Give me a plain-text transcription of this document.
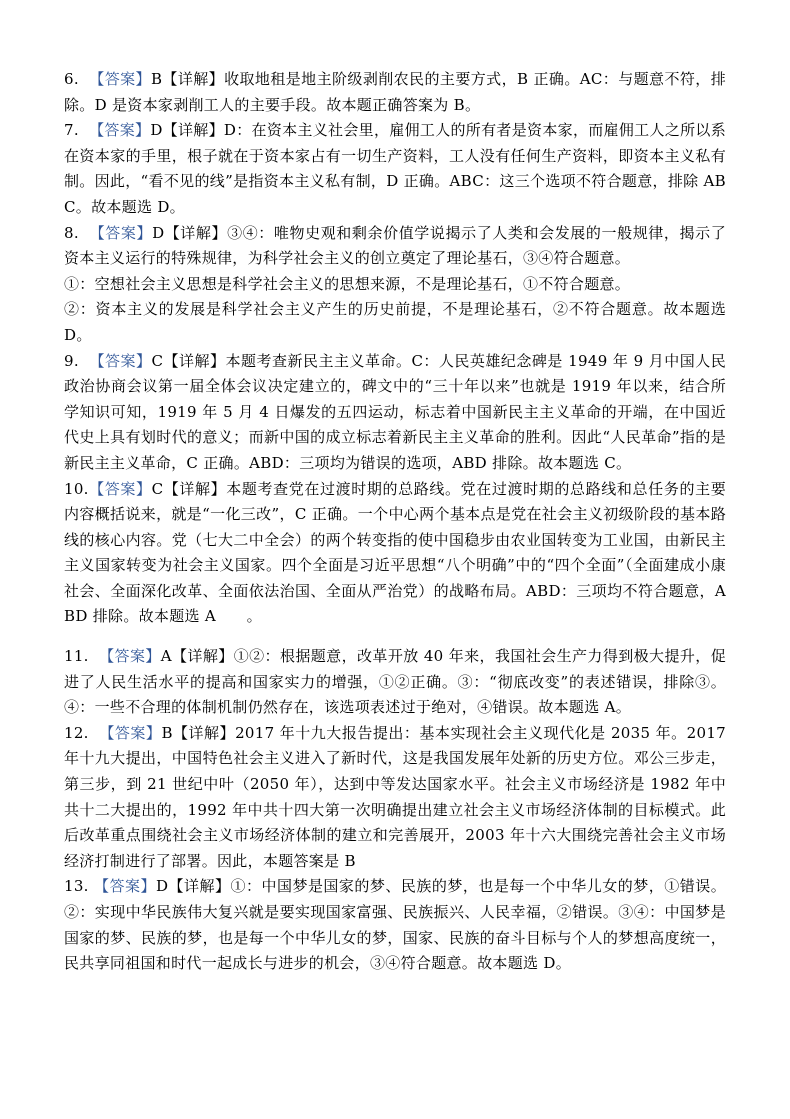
6. 【答案】B【详解】收取地租是地主阶级剥削农民的主要方式，B 正确。AC：与题意不符，排除。D 是资本家剥削工人的主要手段。故本题正确答案为 B。

7. 【答案】D【详解】D：在资本主义社会里，雇佣工人的所有者是资本家，而雇佣工人之所以系在资本家的手里，根子就在于资本家占有一切生产资料，工人没有任何生产资料，即资本主义私有制。因此，“看不见的线”是指资本主义私有制，D 正确。ABC：这三个选项不符合题意，排除 ABC。故本题选 D。

8. 【答案】D【详解】③④：唯物史观和剩余价值学说揭示了人类和会发展的一般规律，揭示了资本主义运行的特殊规律，为科学社会主义的创立奠定了理论基石，③④符合题意。
①：空想社会主义思想是科学社会主义的思想来源，不是理论基石，①不符合题意。
②：资本主义的发展是科学社会主义产生的历史前提，不是理论基石，②不符合题意。故本题选 D。

9. 【答案】C【详解】本题考查新民主主义革命。C：人民英雄纪念碑是 1949 年 9 月中国人民政治协商会议第一届全体会议决定建立的，碑文中的“三十年以来”也就是 1919 年以来，结合所学知识可知，1919 年 5 月 4 日爆发的五四运动，标志着中国新民主主义革命的开端，在中国近代史上具有划时代的意义；而新中国的成立标志着新民主主义革命的胜利。因此“人民革命”指的是新民主主义革命，C 正确。ABD：三项均为错误的选项，ABD 排除。故本题选 C。

10.【答案】C【详解】本题考查党在过渡时期的总路线。党在过渡时期的总路线和总任务的主要内容概括说来，就是“一化三改”，C 正确。一个中心两个基本点是党在社会主义初级阶段的基本路线的核心内容。党（七大二中全会）的两个转变指的使中国稳步由农业国转变为工业国，由新民主主义国家转变为社会主义国家。四个全面是习近平思想“八个明确”中的“四个全面”（全面建成小康社会、全面深化改革、全面依法治国、全面从严治党）的战略布局。ABD：三项均不符合题意，ABD 排除。故本题选 A　　。

11. 【答案】A【详解】①②：根据题意，改革开放 40 年来，我国社会生产力得到极大提升，促进了人民生活水平的提高和国家实力的增强，①②正确。③：“彻底改变”的表述错误，排除③。④：一些不合理的体制机制仍然存在，该选项表述过于绝对，④错误。故本题选 A。

12. 【答案】B【详解】2017 年十九大报告提出：基本实现社会主义现代化是 2035 年。2017 年十九大提出，中国特色社会主义进入了新时代，这是我国发展年处新的历史方位。邓公三步走，第三步，到 21 世纪中叶（2050 年），达到中等发达国家水平。社会主义市场经济是 1982 年中共十二大提出的，1992 年中共十四大第一次明确提出建立社会主义市场经济体制的目标模式。此后改革重点围绕社会主义市场经济体制的建立和完善展开，2003 年十六大围绕完善社会主义市场经济打制进行了部署。因此，本题答案是 B

13. 【答案】D【详解】①：中国梦是国家的梦、民族的梦，也是每一个中华儿女的梦，①错误。②：实现中华民族伟大复兴就是要实现国家富强、民族振兴、人民幸福，②错误。③④：中国梦是国家的梦、民族的梦，也是每一个中华儿女的梦，国家、民族的奋斗目标与个人的梦想高度统一，民共享同祖国和时代一起成长与进步的机会，③④符合题意。故本题选 D。
